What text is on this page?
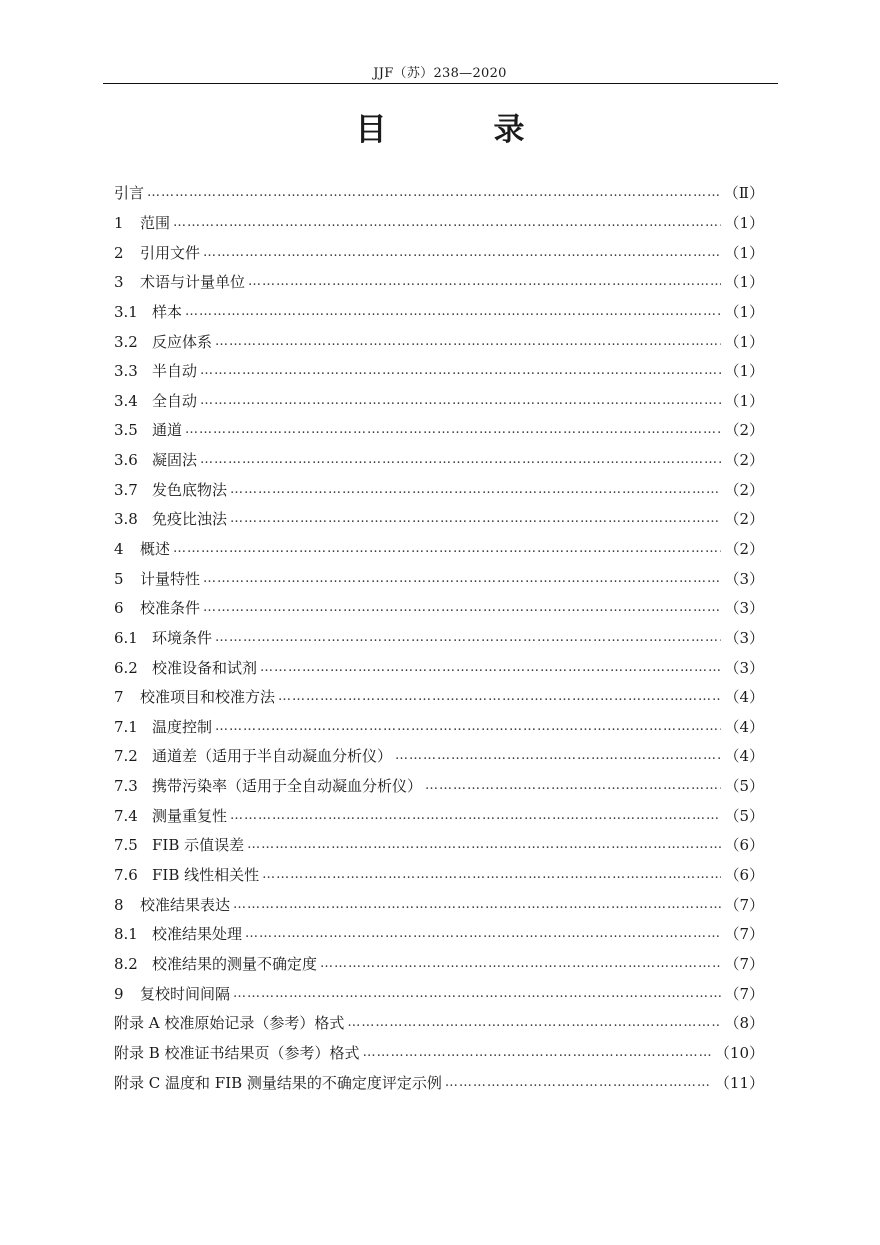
JJF（苏）238—2020
目　录
引言 ………………………………………………………………………………………………………………………………………………………………………………	（Ⅱ）
1 范围 ………………………………………………………………………………………………………………………………………………………………………………	（1）
2 引用文件 ………………………………………………………………………………………………………………………………………………………………………………	（1）
3 术语与计量单位 ………………………………………………………………………………………………………………………………………………………………………………	（1）
3.1 样本 ………………………………………………………………………………………………………………………………………………………………………………	（1）
3.2 反应体系 ………………………………………………………………………………………………………………………………………………………………………………	（1）
3.3 半自动 ………………………………………………………………………………………………………………………………………………………………………………	（1）
3.4 全自动 ………………………………………………………………………………………………………………………………………………………………………………	（1）
3.5 通道 ………………………………………………………………………………………………………………………………………………………………………………	（2）
3.6 凝固法 ………………………………………………………………………………………………………………………………………………………………………………	（2）
3.7 发色底物法 ………………………………………………………………………………………………………………………………………………………………………………	（2）
3.8 免疫比浊法 ………………………………………………………………………………………………………………………………………………………………………………	（2）
4 概述 ………………………………………………………………………………………………………………………………………………………………………………	（2）
5 计量特性 ………………………………………………………………………………………………………………………………………………………………………………	（3）
6 校准条件 ………………………………………………………………………………………………………………………………………………………………………………	（3）
6.1 环境条件 ………………………………………………………………………………………………………………………………………………………………………………	（3）
6.2 校准设备和试剂 ………………………………………………………………………………………………………………………………………………………………………………	（3）
7 校准项目和校准方法 ………………………………………………………………………………………………………………………………………………………………………………	（4）
7.1 温度控制 ………………………………………………………………………………………………………………………………………………………………………………	（4）
7.2 通道差（适用于半自动凝血分析仪） ………………………………………………………………………………………………………………………………………………………………………………	（4）
7.3 携带污染率（适用于全自动凝血分析仪） ………………………………………………………………………………………………………………………………………………………………………………	（5）
7.4 测量重复性 ………………………………………………………………………………………………………………………………………………………………………………	（5）
7.5 FIB 示值误差 ………………………………………………………………………………………………………………………………………………………………………………	（6）
7.6 FIB 线性相关性 ………………………………………………………………………………………………………………………………………………………………………………	（6）
8 校准结果表达 ………………………………………………………………………………………………………………………………………………………………………………	（7）
8.1 校准结果处理 ………………………………………………………………………………………………………………………………………………………………………………	（7）
8.2 校准结果的测量不确定度 ………………………………………………………………………………………………………………………………………………………………………………	（7）
9 复校时间间隔 ………………………………………………………………………………………………………………………………………………………………………………	（7）
附录 A 校准原始记录（参考）格式 ………………………………………………………………………………………………………………………………………………………………………………	（8）
附录 B 校准证书结果页（参考）格式 ………………………………………………………………………………………………………………………………………………………………………………	（10）
附录 C 温度和 FIB 测量结果的不确定度评定示例 ………………………………………………………………………………………………………………………………………………………………………………	（11）
